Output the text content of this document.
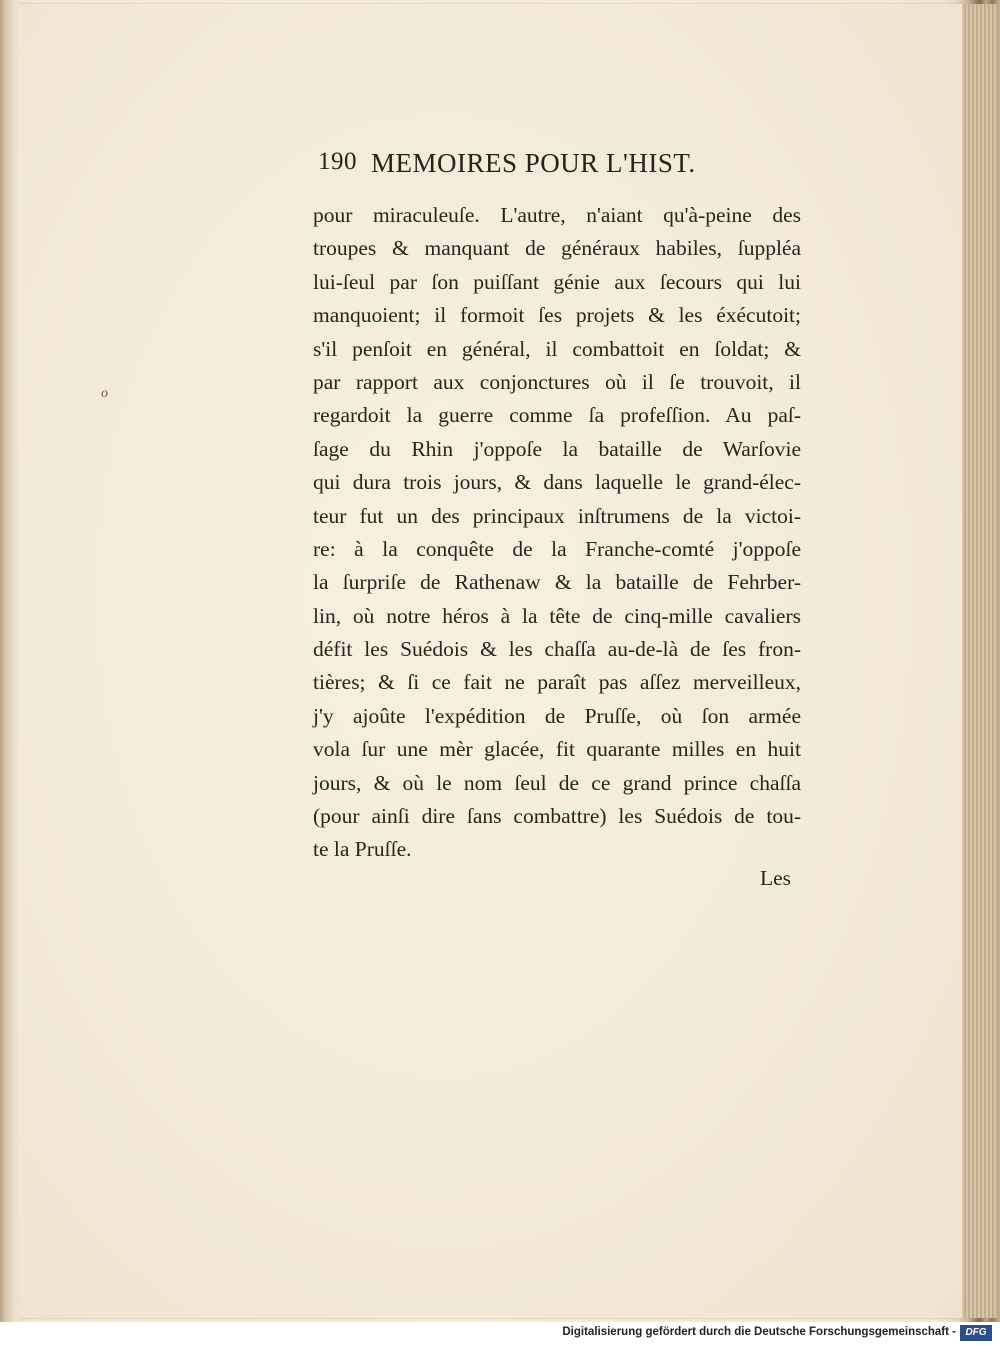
o
190 MEMOIRES POUR L'HIST.
pour miraculeuſe. L'autre, n'aiant qu'à-peine des
troupes & manquant de généraux habiles, ſuppléa
lui-ſeul par ſon puiſſant génie aux ſecours qui lui
manquoient; il formoit ſes projets & les éxécutoit;
s'il penſoit en général, il combattoit en ſoldat; &
par rapport aux conjonctures où il ſe trouvoit, il
regardoit la guerre comme ſa profeſſion. Au paſ-
ſage du Rhin j'oppoſe la bataille de Warſovie
qui dura trois jours, & dans laquelle le grand-élec-
teur fut un des principaux inſtrumens de la victoi-
re: à la conquête de la Franche-comté j'oppoſe
la ſurpriſe de Rathenaw & la bataille de Fehrber-
lin, où notre héros à la tête de cinq-mille cavaliers
défit les Suédois & les chaſſa au-de-là de ſes fron-
tières; & ſi ce fait ne paraît pas aſſez merveilleux,
j'y ajoûte l'expédition de Pruſſe, où ſon armée
vola ſur une mèr glacée, fit quarante milles en huit
jours, & où le nom ſeul de ce grand prince chaſſa
(pour ainſi dire ſans combattre) les Suédois de tou-
te la Pruſſe.
Les
Digitalisierung gefördert durch die Deutsche Forschungsgemeinschaft - DFG
